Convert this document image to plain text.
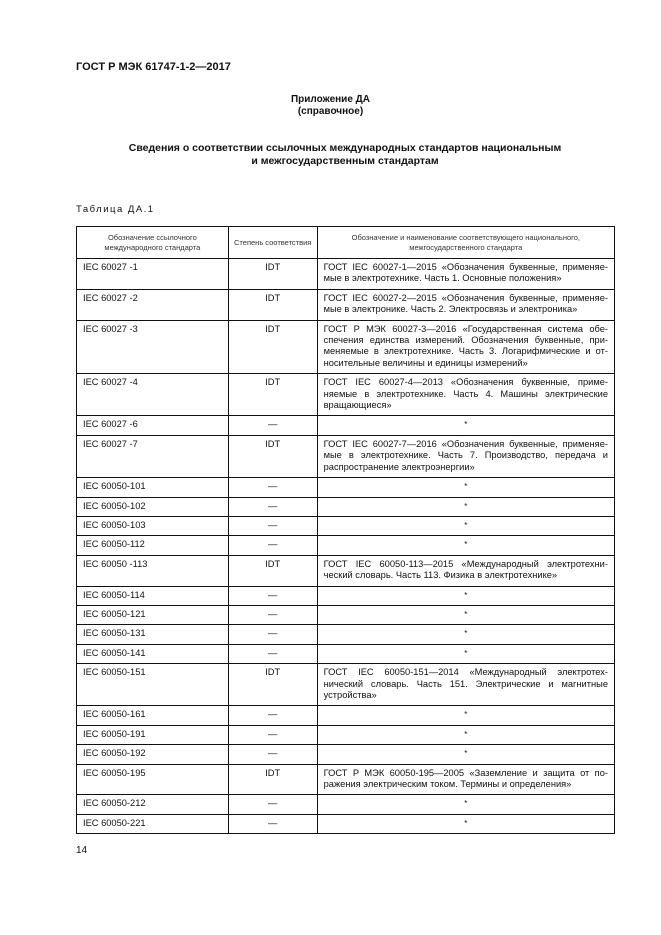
ГОСТ Р МЭК 61747-1-2—2017
Приложение ДА
(справочное)
Сведения о соответствии ссылочных международных стандартов национальным
и межгосударственным стандартам
Таблица ДА.1
Обозначение ссылочного международного стандарта	Степень соответствия	Обозначение и наименование соответствующего национального, межгосударственного стандарта
IEC 60027 -1	IDT	ГОСТ IEC 60027-1—2015 «Обозначения буквенные, применяемые в электротехнике. Часть 1. Основные положения»
IEC 60027 -2	IDT	ГОСТ IEC 60027-2—2015 «Обозначения буквенные, применяемые в электронике. Часть 2. Электросвязь и электроника»
IEC 60027 -3	IDT	ГОСТ Р МЭК 60027-3—2016 «Государственная система обеспечения единства измерений. Обозначения буквенные, применяемые в электротехнике. Часть 3. Логарифмические и относительные величины и единицы измерений»
IEC 60027 -4	IDT	ГОСТ IEC 60027-4—2013 «Обозначения буквенные, применяемые в электротехнике. Часть 4. Машины электрические вращающиеся»
IEC 60027 -6	—	*
IEC 60027 -7	IDT	ГОСТ IEC 60027-7—2016 «Обозначения буквенные, применяемые в электротехнике. Часть 7. Производство, передача и распространение электроэнергии»
IEC 60050-101	—	*
IEC 60050-102	—	*
IEC 60050-103	—	*
IEC 60050-112	—	*
IEC 60050 -113	IDT	ГОСТ IEC 60050-113—2015 «Международный электротехнический словарь. Часть 113. Физика в электротехнике»
IEC 60050-114	—	*
IEC 60050-121	—	*
IEC 60050-131	—	*
IEC 60050-141	—	*
IEC 60050-151	IDT	ГОСТ IEC 60050-151—2014 «Международный электротехнический словарь. Часть 151. Электрические и магнитные устройства»
IEC 60050-161	—	*
IEC 60050-191	—	*
IEC 60050-192	—	*
IEC 60050-195	IDT	ГОСТ Р МЭК 60050-195—2005 «Заземление и защита от поражения электрическим током. Термины и определения»
IEC 60050-212	—	*
IEC 60050-221	—	*
14
